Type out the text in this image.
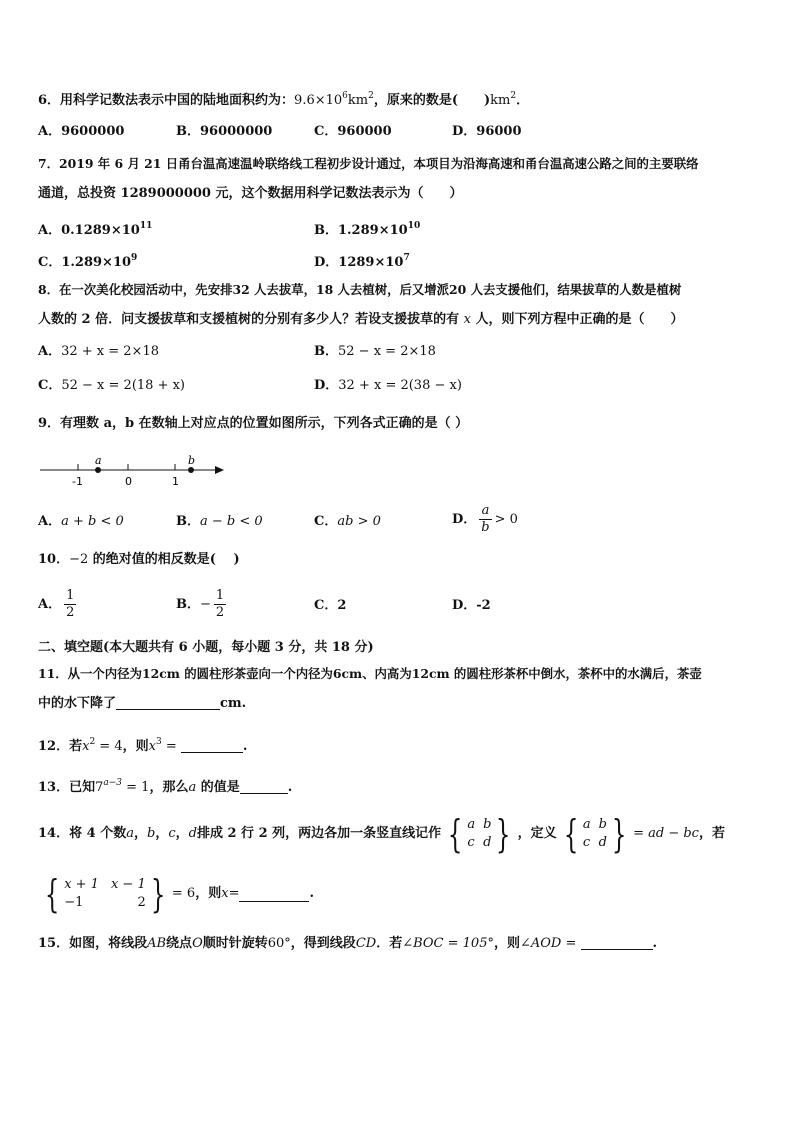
6．用科学记数法表示中国的陆地面积约为：$9.6\times 10^6km^2$，原来的数是(　　)$km^2$．
A．9600000	B．96000000	C．960000	D．96000
7．2019 年 6 月 21 日甬台温高速温岭联络线工程初步设计通过，本项目为沿海高速和甬台温高速公路之间的主要联络
通道，总投资 1289000000 元，这个数据用科学记数法表示为（　　）
A．$0.1289\times 10^{11}$	B．$1.289\times 10^{10}$
C．$1.289\times 10^9$	D．$1289\times 10^7$
8．在一次美化校园活动中，先安排32 人去拔草，18 人去植树，后又增派20 人去支援他们，结果拔草的人数是植树
人数的 2 倍．问支援拔草和支援植树的分别有多少人？若设支援拔草的有 x 人，则下列方程中正确的是（　　）
A．32 + x = 2×18	B．52 − x = 2×18
C．52 − x = 2(18 + x)	D．32 + x = 2(38 − x)
9．有理数 a，b 在数轴上对应点的位置如图所示，下列各式正确的是（ ）
a	b
-1	0	1
A．a + b < 0	B．a − b < 0	C．ab > 0	D． $\frac{a}{b} > 0$
10．−2 的绝对值的相反数是(　 )
A． $\frac{1}{2}$	B． − $\frac{1}{2}$	C．2	D．-2
二、填空题(本大题共有 6 小题，每小题 3 分，共 18 分)
11．从一个内径为12cm 的圆柱形茶壶向一个内径为6cm、内高为12cm 的圆柱形茶杯中倒水，茶杯中的水满后，茶壶
中的水下降了	cm.
12．若$x^2 = 4$，则$x^3$ =	.
13．已知$7^{a-3} = 1$，那么a 的值是	.
14．将 4 个数 a ， b ， c ， d 排成 2 行 2 列，两边各加一条竖直线记作 { a b
c d } ，定义 { a b
c d } = ad − bc ，若
{ x + 1 x − 1
−1	2 } = 6 ，则 x =	.
15．如图，将线段AB绕点O顺时针旋转60°，得到线段CD．若∠BOC = 105°，则∠AOD =	.
